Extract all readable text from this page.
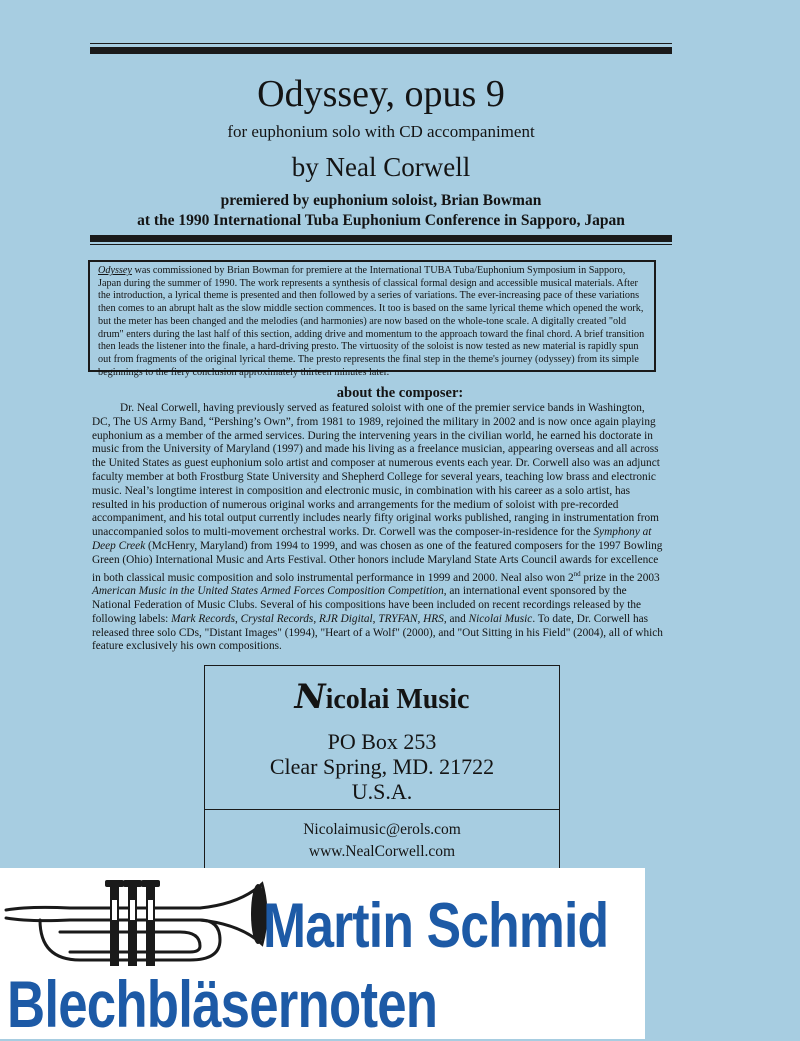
Odyssey, opus 9
for euphonium solo with CD accompaniment
by Neal Corwell
premiered by euphonium soloist, Brian Bowman
at the 1990 International Tuba Euphonium Conference in Sapporo, Japan
Odyssey was commissioned by Brian Bowman for premiere at the International TUBA Tuba/Euphonium Symposium in Sapporo, Japan during the summer of 1990. The work represents a synthesis of classical formal design and accessible musical materials. After the introduction, a lyrical theme is presented and then followed by a series of variations. The ever-increasing pace of these variations then comes to an abrupt halt as the slow middle section commences. It too is based on the same lyrical theme which opened the work, but the meter has been changed and the melodies (and harmonies) are now based on the whole-tone scale. A digitally created "old drum" enters during the last half of this section, adding drive and momentum to the approach toward the final chord. A brief transition then leads the listener into the finale, a hard-driving presto. The virtuosity of the soloist is now tested as new material is rapidly spun out from fragments of the original lyrical theme. The presto represents the final step in the theme's journey (odyssey) from its simple beginnings to the fiery conclusion approximately thirteen minutes later.
about the composer:

Dr. Neal Corwell, having previously served as featured soloist with one of the premier service bands in Washington, DC, The US Army Band, “Pershing’s Own”, from 1981 to 1989, rejoined the military in 2002 and is now once again playing euphonium as a member of the armed services. During the intervening years in the civilian world, he earned his doctorate in music from the University of Maryland (1997) and made his living as a freelance musician, appearing overseas and all across the United States as guest euphonium solo artist and composer at numerous events each year. Dr. Corwell also was an adjunct faculty member at both Frostburg State University and Shepherd College for several years, teaching low brass and electronic music. Neal’s longtime interest in composition and electronic music, in combination with his career as a solo artist, has resulted in his production of numerous original works and arrangements for the medium of soloist with pre-recorded accompaniment, and his total output currently includes nearly fifty original works published, ranging in instrumentation from unaccompanied solos to multi-movement orchestral works. Dr. Corwell was the composer-in-residence for the Symphony at Deep Creek (McHenry, Maryland) from 1994 to 1999, and was chosen as one of the featured composers for the 1997 Bowling Green (Ohio) International Music and Arts Festival. Other honors include Maryland State Arts Council awards for excellence in both classical music composition and solo instrumental performance in 1999 and 2000. Neal also won 2nd prize in the 2003 American Music in the United States Armed Forces Composition Competition, an international event sponsored by the National Federation of Music Clubs. Several of his compositions have been included on recent recordings released by the following labels: Mark Records, Crystal Records, RJR Digital, TRYFAN, HRS, and Nicolai Music. To date, Dr. Corwell has released three solo CDs, "Distant Images" (1994), "Heart of a Wolf" (2000), and "Out Sitting in his Field" (2004), all of which feature exclusively his own compositions.

Nicolai Music
PO Box 253
Clear Spring, MD. 21722
U.S.A.
Nicolaimusic@erols.com
www.NealCorwell.com
Martin Schmid
Blechbläsernoten
